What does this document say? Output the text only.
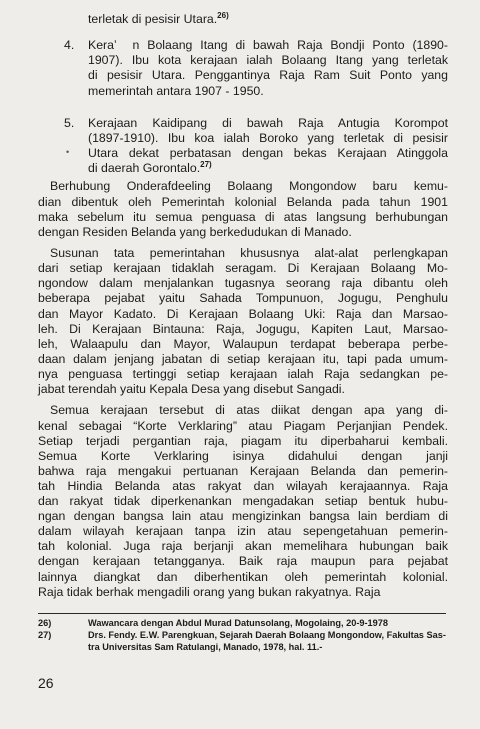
terletak di pesisir Utara.$^{26)}$
4. Keraʼ  n Bolaang Itang di bawah Raja Bondji Ponto (1890-
1907). Ibu kota kerajaan ialah Bolaang Itang yang terletak
di pesisir Utara. Penggantinya Raja Ram Suit Ponto yang
memerintah antara 1907 - 1950.
5. Kerajaan Kaidipang di bawah Raja Antugia Korompot
(1897-1910). Ibu koa ialah Boroko yang terletak di pesisir
Utara dekat perbatasan dengan bekas Kerajaan Atinggola
di daerah Gorontalo.$^{27)}$
•
Berhubung Onderafdeeling Bolaang Mongondow baru kemu-
dian dibentuk oleh Pemerintah kolonial Belanda pada tahun 1901
maka sebelum itu semua penguasa di atas langsung berhubungan
dengan Residen Belanda yang berkedudukan di Manado.
Susunan tata pemerintahan khususnya alat-alat perlengkapan
dari setiap kerajaan tidaklah seragam. Di Kerajaan Bolaang Mo-
ngondow dalam menjalankan tugasnya seorang raja dibantu oleh
beberapa pejabat yaitu Sahada Tompunuon, Jogugu, Penghulu
dan Mayor Kadato. Di Kerajaan Bolaang Uki: Raja dan Marsao-
leh. Di Kerajaan Bintauna: Raja, Jogugu, Kapiten Laut, Marsao-
leh, Walaapulu dan Mayor, Walaupun terdapat beberapa perbe-
daan dalam jenjang jabatan di setiap kerajaan itu, tapi pada umum-
nya penguasa tertinggi setiap kerajaan ialah Raja sedangkan pe-
jabat terendah yaitu Kepala Desa yang disebut Sangadi.
Semua kerajaan tersebut di atas diikat dengan apa yang di-
kenal sebagai “Korte Verklaring” atau Piagam Perjanjian Pendek.
Setiap terjadi pergantian raja, piagam itu diperbaharui kembali.
Semua Korte Verklaring isinya didahului dengan janji
bahwa raja mengakui pertuanan Kerajaan Belanda dan pemerin-
tah Hindia Belanda atas rakyat dan wilayah kerajaannya. Raja
dan rakyat tidak diperkenankan mengadakan setiap bentuk hubu-
ngan dengan bangsa lain atau mengizinkan bangsa lain berdiam di
26)	Wawancara dengan Abdul Murad Datunsolang, Mogolaing, 20-9-1978
27)	Drs. Fendy. E.W. Parengkuan, Sejarah Daerah Bolaang Mongondow, Fakultas Sas-
tra Universitas Sam Ratulangi, Manado, 1978, hal. 11.-
26
dalam wilayah kerajaan tanpa izin atau sepengetahuan pemerin-
tah kolonial. Juga raja berjanji akan memelihara hubungan baik
dengan kerajaan tetangganya. Baik raja maupun para pejabat
lainnya diangkat dan diberhentikan oleh pemerintah kolonial.
Raja tidak berhak mengadili orang yang bukan rakyatnya. Raja
